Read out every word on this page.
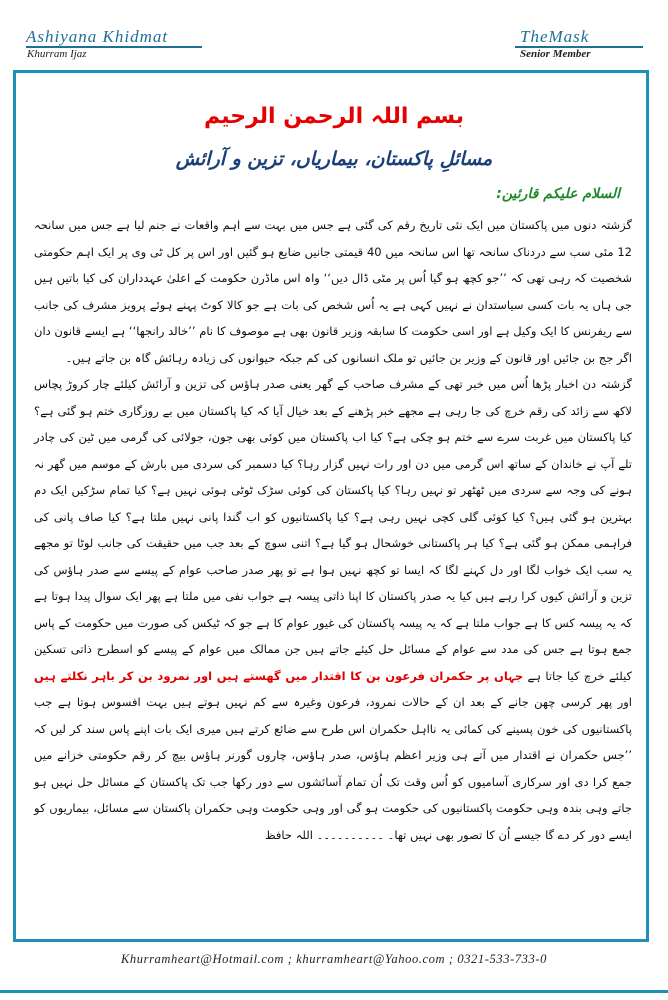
Ashiyana Khidmat
Khurram Ijaz
TheMask
Senior Member
بسم اللہ الرحمن الرحیم
مسائلِ پاکستان، بیماریاں، تزین و آرائش
السلام علیکم قارئین:

گزشتہ دنوں میں پاکستان میں ایک نئی تاریخ رقم کی گئی ہے جس میں بہت سے اہم واقعات نے جنم لیا ہے جس میں سانحہ 12 مئی سب سے دردناک سانحہ تھا اس سانحہ میں 40 قیمتی جانیں ضایع ہو گئیں اور اس پر کل ٹی وی پر ایک اہم حکومتی شخصیت کہ رہی تھی کہ ’’جو کچھ ہو گیا اُس پر مٹی ڈال دیں‘‘ واہ اس ماڈرن حکومت کے اعلیٰ عہدداران کی کیا باتیں ہیں جی ہاں یہ بات کسی سیاستدان نے نہیں کہی ہے یہ اُس شخص کی بات ہے جو کالا کوٹ پہنے ہوئے پرویز مشرف کی جانب سے ریفرنس کا ایک وکیل ہے اور اسی حکومت کا سابقہ وزیر قانون بھی ہے موصوف کا نام ’’خالد رانجھا‘‘ ہے ایسے قانون دان اگر جج بن جائیں اور قانون کے وزیر بن جائیں تو ملک انسانوں کی کم جبکہ حیوانوں کی زیادہ رہائش گاہ بن جاتے ہیں۔

گزشتہ دن اخبار پڑھا اُس میں خبر تھی کے مشرف صاحب کے گھر یعنی صدر ہاؤس کی تزین و آرائش کیلئے چار کروڑ پچاس لاکھ سے زائد کی رقم خرچ کی جا رہی ہے مجھے خبر پڑھنے کے بعد خیال آیا کہ کیا پاکستان میں بے روزگاری ختم ہو گئی ہے؟ کیا پاکستان میں غربت سرے سے ختم ہو چکی ہے؟ کیا اب پاکستان میں کوئی بھی جون، جولائی کی گرمی میں ٹین کی چادر تلے آپ نے خاندان کے ساتھ اس گرمی میں دن اور رات نہیں گزار رہا؟ کیا دسمبر کی سردی میں بارش کے موسم میں گھر نہ ہونے کی وجہ سے سردی میں ٹھٹھر تو نہیں رہا؟ کیا پاکستان کی کوئی سڑک ٹوٹی ہوئی نہیں ہے؟ کیا تمام سڑکیں ایک دم بہترین ہو گئی ہیں؟ کیا کوئی گلی کچی نہیں رہی ہے؟ کیا پاکستانیوں کو اب گندا پانی نہیں ملتا ہے؟ کیا صاف پانی کی فراہمی ممکن ہو گئی ہے؟ کیا ہر پاکستانی خوشحال ہو گیا ہے؟ اتنی سوچ کے بعد جب میں حقیقت کی جانب لوٹا تو مجھے یہ سب ایک خواب لگا اور دل کہنے لگا کہ ایسا تو کچھ نہیں ہوا ہے تو پھر صدر صاحب عوام کے پیسے سے صدر ہاؤس کی تزین و آرائش کیوں کرا رہے ہیں کیا یہ صدر پاکستان کا اپنا ذاتی پیسہ ہے جواب نفی میں ملتا ہے پھر ایک سوال پیدا ہوتا ہے کہ یہ پیسہ کس کا ہے جواب ملتا ہے کہ یہ پیسہ پاکستان کی غیور عوام کا ہے جو کہ ٹیکس کی صورت میں حکومت کے پاس جمع ہوتا ہے جس کی مدد سے عوام کے مسائل حل کیئے جاتے ہیں جن ممالک میں عوام کے پیسے کو اسطرح ذاتی تسکین کیلئے خرچ کیا جاتا ہے جہاں پر حکمران فرعون بن کا اقتدار میں گھستے ہیں اور نمرود بن کر باہر نکلتے ہیں اور پھر کرسی چھن جانے کے بعد ان کے حالات نمرود، فرعون وغیرہ سے کم نہیں ہوتے ہیں بہت افسوس ہوتا ہے جب پاکستانیوں کی خون پسینے کی کمائی یہ نااہل حکمران اس طرح سے ضائع کرتے ہیں میری ایک بات اپنے پاس سند کر لیں کہ ’’جس حکمران نے اقتدار میں آتے ہی وزیر اعظم ہاؤس، صدر ہاؤس، چاروں گورنر ہاؤس بیچ کر رقم حکومتی خزانے میں جمع کرا دی اور سرکاری آسامیوں کو اُس وقت تک اُن تمام آسائشوں سے دور رکھا جب تک پاکستان کے مسائل حل نہیں ہو جاتے وہی بندہ وہی حکومت پاکستانیوں کی حکومت ہو گی اور وہی حکومت وہی حکمران پاکستان سے مسائل، بیماریوں کو ایسے دور کر دے گا جیسے اُن کا تصور بھی نہیں تھا۔ ۔۔۔۔۔۔۔۔۔۔ اللہ حافظ

Khurramheart@Hotmail.com ; khurramheart@Yahoo.com ; 0321-533-733-0
